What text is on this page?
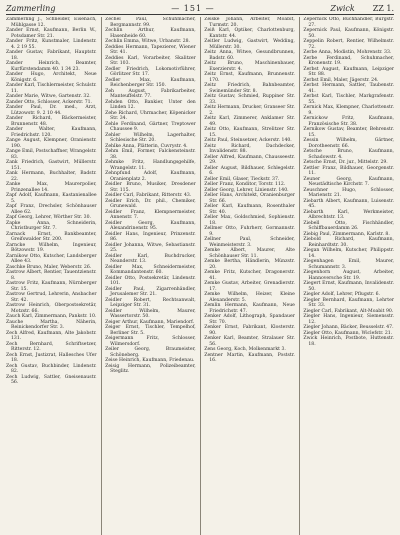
Zammerling	— 151 —	Zwick ZZ 1.

Zammerling J., Schneider, Eisenach, Mühlgasse 12.

Zander Ernst, Kaufmann, Berlin W., Potsdamer Str. 21.

Zander Fritz, Kunstmaler, Lindenstr. 4. 2 19 55.

Zander Gustav, Fabrikant, Hauptstr. 18.

Zander Heinrich, Beamter, Kurfürstendamm 40. 1 34 23.

Zander Hugo, Architekt, Neue Königstr. 6.

Zander Karl, Tischlermeister, Schulstr. 11.

Zander Marie, Witwe, Gartenstr. 32.

Zander Otto, Schlosser, Ackerstr. 71.

Zander Paul, Dr. med., Arzt, Lützowstr. 9. 2 10 44.

Zander Richard, Bäckermeister, Brunnenstr. 48.

Zander Walter, Kaufmann, Friedrichstr. 120.

Zange August, Klempner, Oranienstr. 190.

Zange Emil, Postschaffner, Wrangelstr. 83.

Zank Friedrich, Gastwirt, Müllerstr. 151.

Zank Hermann, Buchhalter, Badstr. 22.

Zanke Max, Maurerpolier, Prinzenallee 14.

Zapf Adolf, Kaufmann, Kastanienallee 5.

Zapf Franz, Drechsler, Schönhauser Allee 62.

Zapf Georg, Lehrer, Wörther Str. 30.

Zapke Anna, Schneiderin, Christburger Str. 7.

Zarnack Ernst, Bankbeamter, Greifswalder Str. 200.

Zarncke Wilhelm, Ingenieur, Bötzowstr. 19.

Zarnikow Otto, Kutscher, Landsberger Allee 43.

Zaschke Bruno, Maler, Weberstr. 26.

Zastrow Albert, Rentier, Tauentzienstr. 8.

Zastrow Fritz, Kaufmann, Nürnberger Str. 15.

Zastrow Gertrud, Lehrerin, Ansbacher Str. 42.

Zastrow Heinrich, Oberpostsekretär, Motzstr. 66.

Zauch Karl, Zimmermann, Pankstr. 10.

Zauche Martha, Näherin, Reinickendorfer Str. 3.

Zech Alfred, Kaufmann, Alte Jakobstr. 131.

Zech Bernhard, Schriftsetzer, Ritterstr. 12.

Zech Ernst, Justizrat, Hallesches Ufer 18.

Zech Gustav, Buchbinder, Lindenstr. 82.

Zech Ludwig, Sattler, Gneisenaustr. 56.

Zechel Paul, Schuhmacher, Bergmannstr. 99.

Zechlin Arthur, Kaufmann, Hasenheide 60.

Zechlin Emma, Witwe, Urbanstr. 28.

Zeddies Hermann, Tapezierer, Wiener Str. 41.

Zeddies Karl, Vorarbeiter, Skalitzer Str. 103.

Zedler Friedrich, Lokomotivführer, Görlitzer Str. 17.

Zedler Max, Kaufmann, Reichenberger Str. 150.

Zeh August, Fabrikarbeiter, Manteuffelstr. 77.

Zehden Otto, Bankier, Unter den Linden 12.

Zehe Richard, Uhrmacher, Köpenicker Str. 34.

Zehle Ferdinand, Gärtner, Treptower Chaussee 9.

Zehler Wilhelm, Lagerhalter, Schlesische Str. 20.

Zehlke Anna, Plätterin, Cuvrystr. 4.

Zehm Emil, Former, Falckensteinstr. 38.

Zehmke Fritz, Handlungsgehilfe, Wrangelstr. 11.

Zehnpfund Adolf, Kaufmann, Oranienplatz 2.

Zeidler Bruno, Musiker, Dresdener Str. 115.

Zeidler Carl, Fabrikant, Ritterstr. 43.

Zeidler Erich, Dr. phil., Chemiker, Grunewald.

Zeidler Franz, Klempnermeister, Annenstr. 7.

Zeidler Georg, Kaufmann, Alexandrinenstr. 95.

Zeidler Hans, Ingenieur, Prinzenstr. 86.

Zeidler Johanna, Witwe, Sebastianstr. 25.

Zeidler Karl, Buchdrucker, Neanderstr. 13.

Zeidler Max, Schneidermeister, Kommandantenstr. 60.

Zeidler Otto, Postsekretär, Lindenstr. 101.

Zeidler Paul, Zigarrenhändler, Jerusalemer Str. 21.

Zeidler Robert, Rechtsanwalt, Leipziger Str. 31.

Zeidler Wilhelm, Maurer, Wassertorstr. 50.

Zeiger Arthur, Kaufmann, Mariendorf.

Zeiger Ernst, Tischler, Tempelhof, Berliner Str. 5.

Zeigermann Fritz, Schlosser, Wilmersdorf.

Zeiler Georg, Braumeister, Schöneberg.

Zeise Heinrich, Kaufmann, Friedenau.

Zeisig Hermann, Polizeibeamter, Steglitz.

Zeiske Johann, Arbeiter, Moabit, Turmstr. 20.

Zeiß Karl, Optiker, Charlottenburg, Kantstr. 44.

Zeitler Ludwig, Gastwirt, Wedding, Müllerstr. 30.

Zeitz Anna, Witwe, Gesundbrunnen, Badstr. 60.

Zeitz Bruno, Maschinenbauer, Exerzierstr. 4.

Zeitz Ernst, Kaufmann, Brunnenstr. 170.

Zeitz Friedrich, Bahnbeamter, Swinemünder Str. 8.

Zeitz Gustav, Schmied, Ruppiner Str. 33.

Zeitz Hermann, Drucker, Granseer Str. 2.

Zeitz Karl, Zimmerer, Anklamer Str. 49.

Zeitz Otto, Kaufmann, Strelitzer Str. 15.

Zeitz Paul, Steinsetzer, Ackerstr. 140.

Zeitz Richard, Dachdecker, Invalidenstr. 88.

Zeller Alfred, Kaufmann, Chausseestr. 29.

Zeller August, Bildhauer, Schlegelstr. 6.

Zeller Emil, Glaser, Tieckstr. 37.

Zeller Franz, Konditor, Torstr. 112.

Zeller Georg, Lehrer, Linienstr. 140.

Zeller Hans, Architekt, Oranienburger Str. 66.

Zeller Karl, Kaufmann, Rosenthaler Str. 40.

Zeller Max, Goldschmied, Sophienstr. 18.

Zellmer Otto, Fuhrherr, Gormannstr. 9.

Zellner Paul, Schneider, Weinmeisterstr. 3.

Zemke Albert, Maurer, Alte Schönhauser Str. 11.

Zemke Bertha, Händlerin, Münzstr. 20.

Zemke Fritz, Kutscher, Dragonerstr. 41.

Zemke Gustav, Arbeiter, Grenadierstr. 17.

Zemke Wilhelm, Heizer, Kleine Alexanderstr. 5.

Zemlin Hermann, Kaufmann, Neue Friedrichstr. 47.

Zenker Adolf, Lithograph, Spandauer Str. 70.

Zenker Ernst, Fabrikant, Klosterstr. 90.

Zenker Karl, Beamter, Stralauer Str. 56.

Zens Georg, Koch, Molkenmarkt 3.

Zentner Martin, Kaufmann, Poststr. 16.

Zepernick Otto, Buchhändler, Burgstr. 27.

Zepernick Paul, Kaufmann, Königstr. 50.

Zeppelin Robert, Rentier, Wilhelmstr. 72.

Zerbe Anna, Modistin, Mohrenstr. 33.

Zerbe Ferdinand, Schuhmacher, Kronenstr. 19.

Zerbst August, Kaufmann, Leipziger Str. 88.

Zerbst Emil, Maler, Jägerstr. 24.

Zerbst Hermann, Sattler, Taubenstr. 41.

Zerbst Karl, Tischler, Markgrafenstr. 55.

Zernick Max, Klempner, Charlottenstr. 9.

Zernickow Fritz, Kaufmann, Französische Str. 38.

Zernikow Gustav, Beamter, Behrenstr. 15.

Zessin Wilhelm, Gärtner, Dorotheenstr. 66.

Zetsche Bruno, Kaufmann, Schadowstr. 4.

Zetsche Ernst, Dr. jur., Mittelstr. 29.

Zettler Franz, Bildhauer, Georgenstr. 11.

Zeuner Georg, Kaufmann, Neustädtische Kirchstr. 7.

Zeuschner Hugo, Schlosser, Marienstr. 21.

Ziebarth Albert, Kaufmann, Luisenstr. 45.

Ziebarth Karl, Werkmeister, Albrechtstr. 13.

Ziebell Otto, Fischhändler, Schiffbauerdamm 26.

Ziebig Paul, Zimmermann, Karlstr. 8.

Ziebold Richard, Kaufmann, Reinhardtstr. 30.

Ziegan Wilhelm, Kutscher, Philippstr. 14.

Ziegenhagen Emil, Maurer, Schumannstr. 3.

Ziegenhorn August, Arbeiter, Hannoversche Str. 19.

Ziegert Ernst, Kaufmann, Invalidenstr. 50.

Ziegler Adolf, Lehrer, Pflugstr. 6.

Ziegler Bernhard, Kaufmann, Lehrter Str. 33.

Ziegler Carl, Fabrikant, Alt-Moabit 90.

Ziegler Hans, Ingenieur, Siemensstr. 12.

Ziegler Johann, Bäcker, Beusselstr. 47.

Ziegler Otto, Kaufmann, Wiclefstr. 21.

Zwick Heinrich, Postbote, Huttenstr. 18.
